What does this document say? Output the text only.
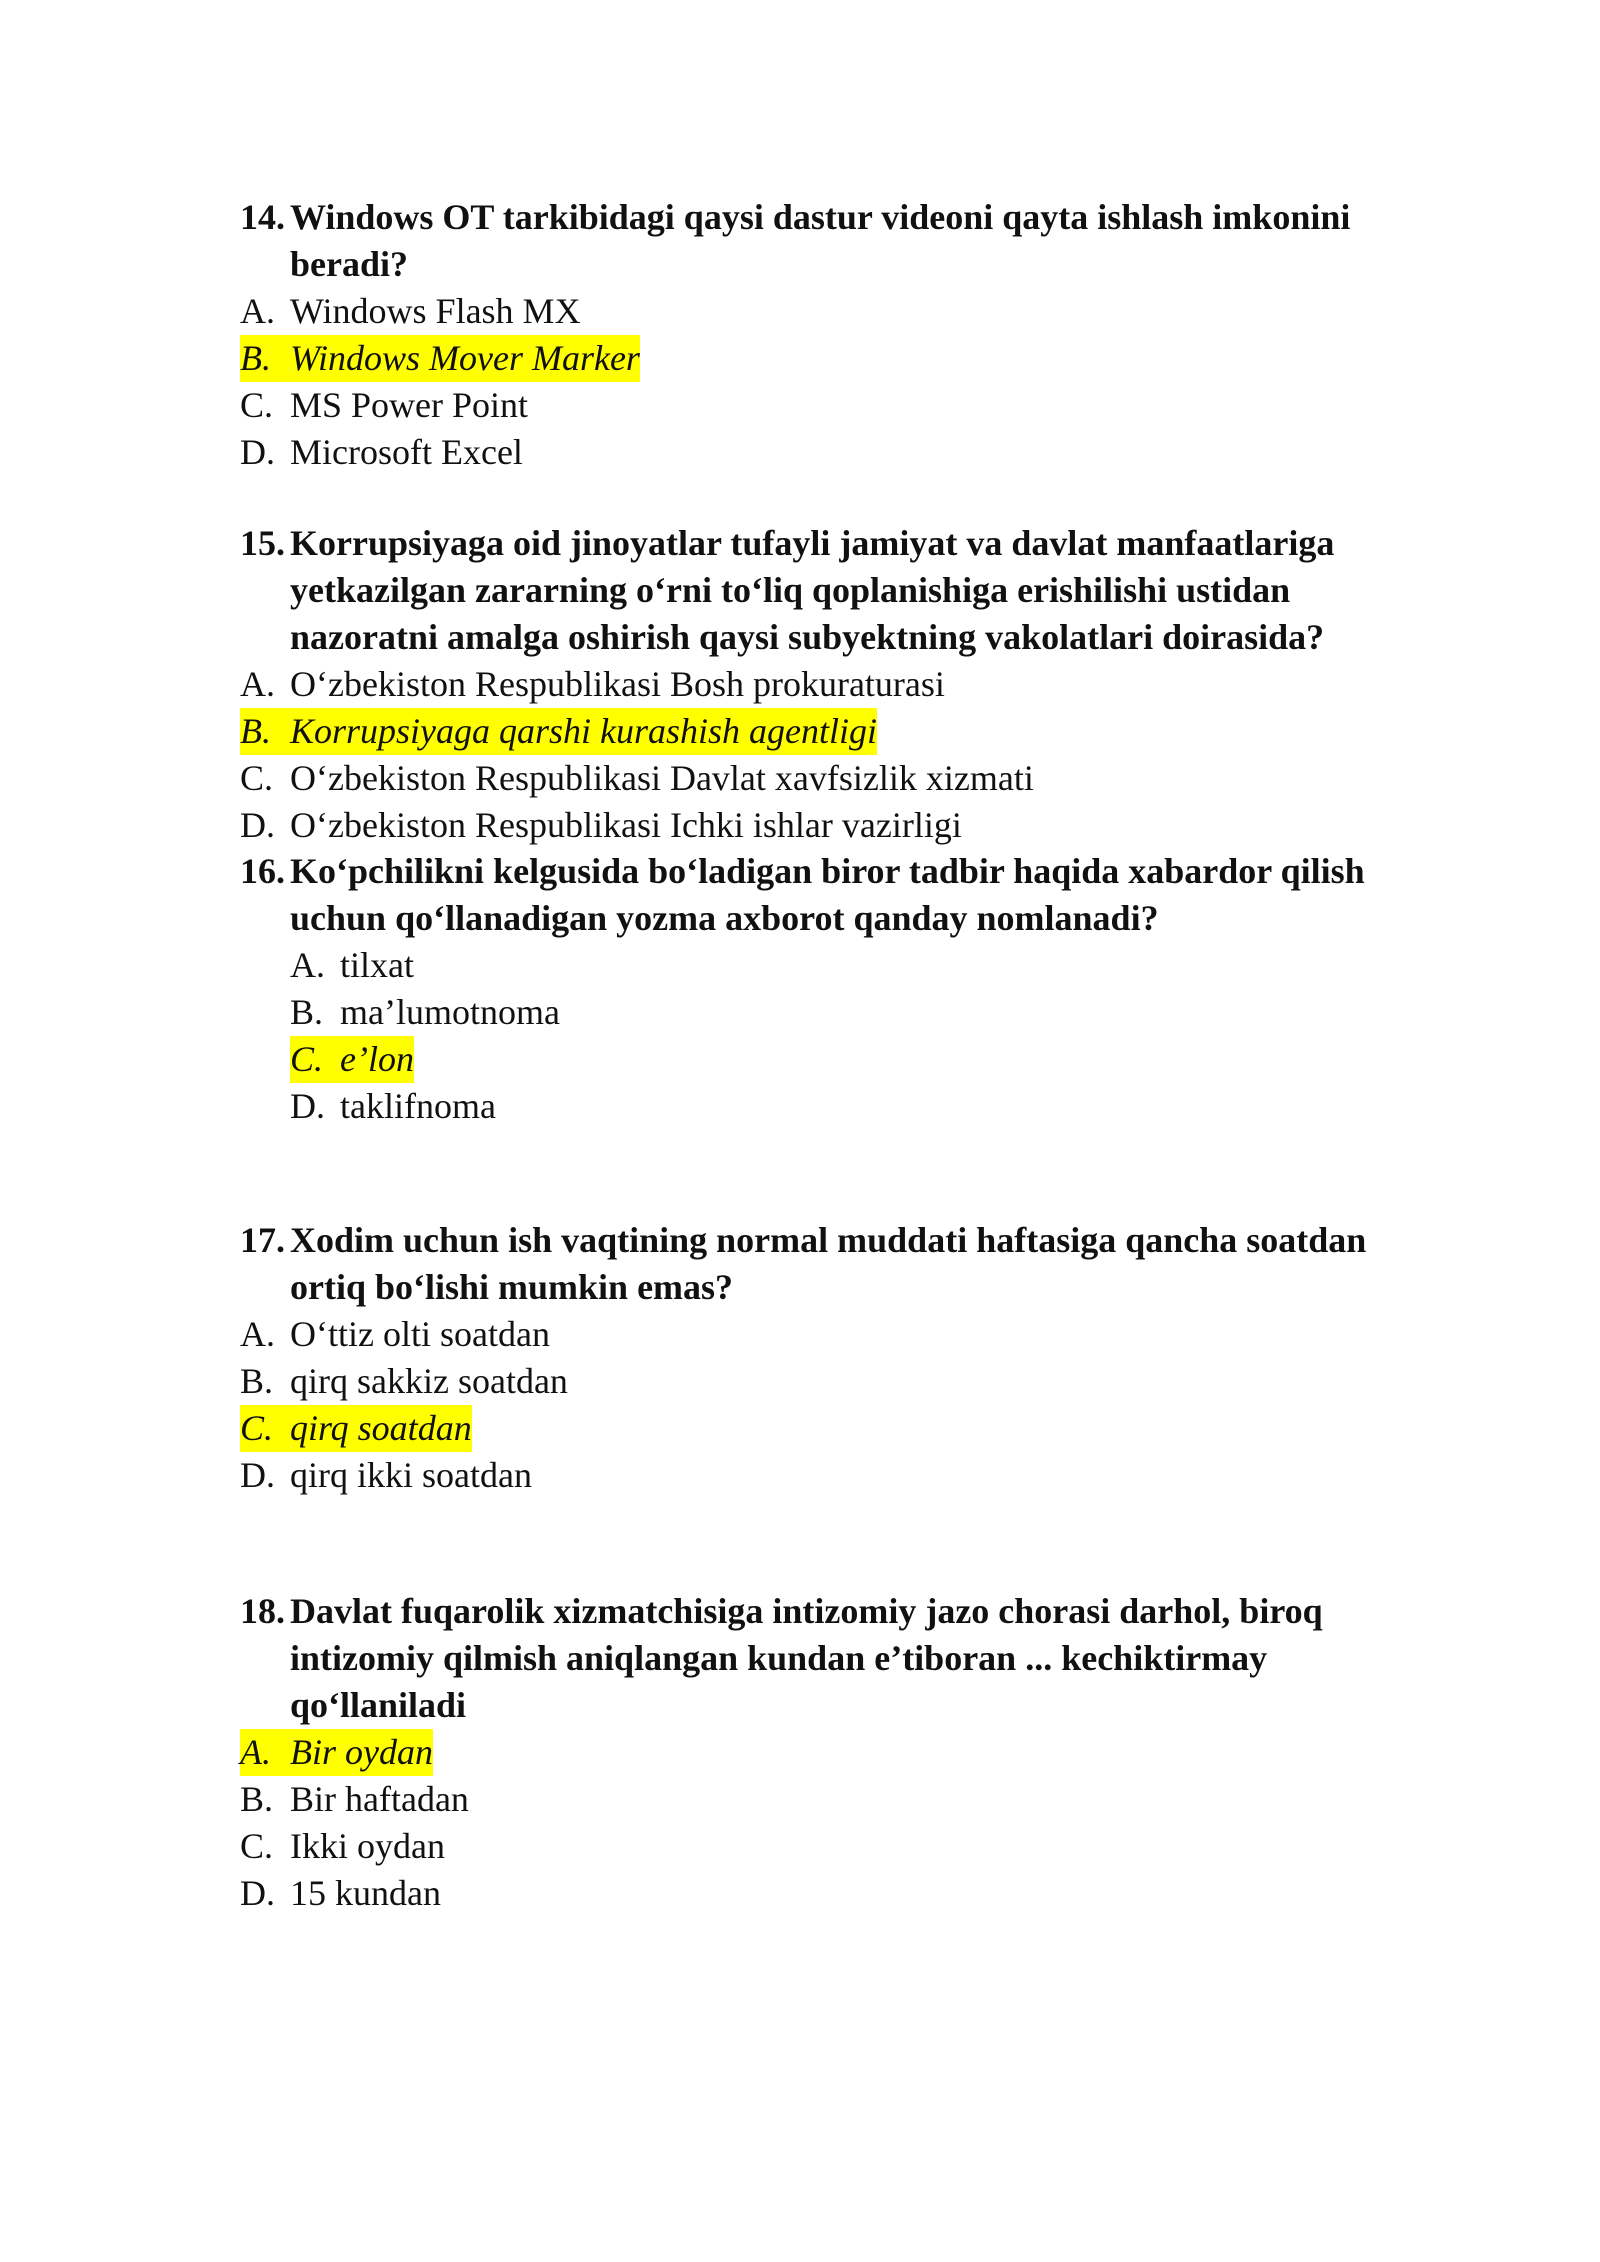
14. Windows OT tarkibidagi qaysi dastur videoni qayta ishlash imkonini beradi?
A. Windows Flash MX
B. Windows Mover Marker
C. MS Power Point
D. Microsoft Excel
15. Korrupsiyaga oid jinoyatlar tufayli jamiyat va davlat manfaatlariga yetkazilgan zararning o‘rni to‘liq qoplanishiga erishilishi ustidan nazoratni amalga oshirish qaysi subyektning vakolatlari doirasida?
A. O‘zbekiston Respublikasi Bosh prokuraturasi
B. Korrupsiyaga qarshi kurashish agentligi
C. O‘zbekiston Respublikasi Davlat xavfsizlik xizmati
D. O‘zbekiston Respublikasi Ichki ishlar vazirligi
16. Ko‘pchilikni kelgusida bo‘ladigan biror tadbir haqida xabardor qilish uchun qo‘llanadigan yozma axborot qanday nomlanadi?
A. tilxat
B. ma’lumotnoma
C. e’lon
D. taklifnoma
17. Xodim uchun ish vaqtining normal muddati haftasiga qancha soatdan ortiq bo‘lishi mumkin emas?
A. O‘ttiz olti soatdan
B. qirq sakkiz soatdan
C. qirq soatdan
D. qirq ikki soatdan
18. Davlat fuqarolik xizmatchisiga intizomiy jazo chorasi darhol, biroq intizomiy qilmish aniqlangan kundan e’tiboran ... kechiktirmay qo‘llaniladi
A. Bir oydan
B. Bir haftadan
C. Ikki oydan
D. 15 kundan
